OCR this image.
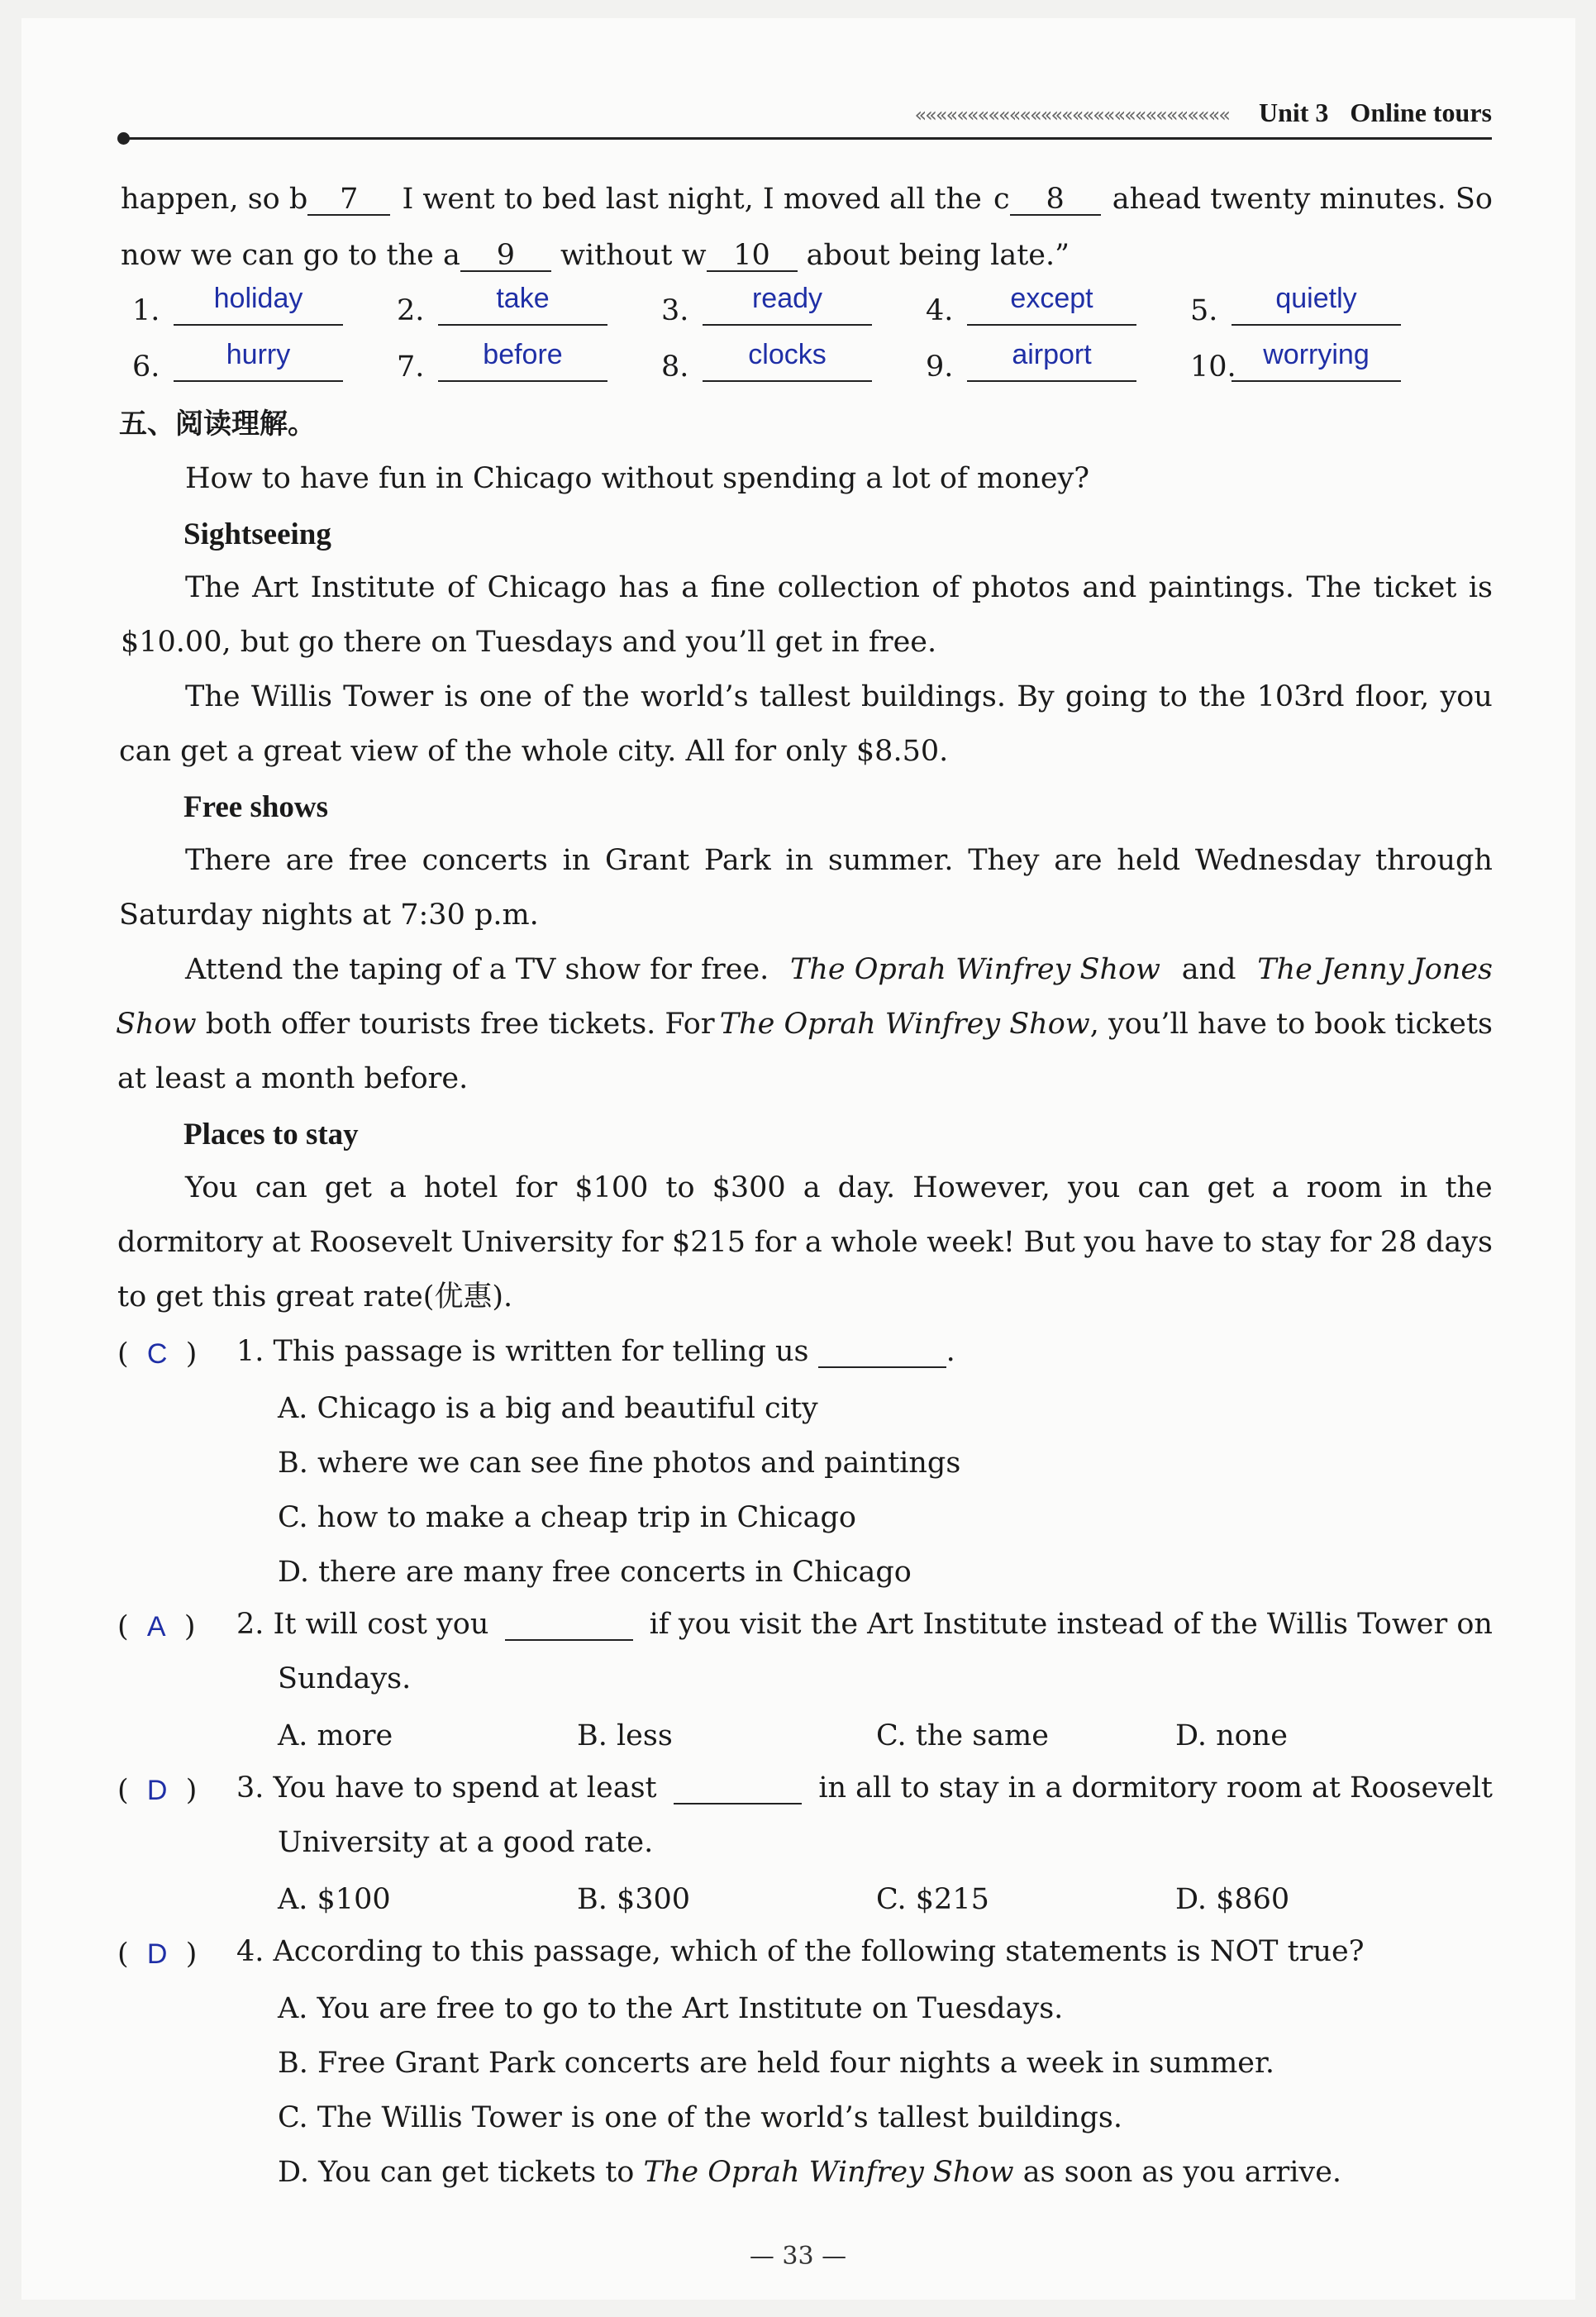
«««««««««««««««««««««««««««««« Unit 3 Online tours
happen, so b 7	I went to bed last night, I moved all the c 8	ahead twenty minutes. So
now we can go to the a 9 without w 10 about being late.”
1.	holiday	2.	take	3.	ready	4.	except	5.	quietly
6.	hurry	7.	before	8.	clocks	9.	airport	10. worrying
五、阅读理解。
How to have fun in Chicago without spending a lot of money?
Sightseeing
The Art Institute of Chicago has a fine collection of photos and paintings. The ticket is
$10.00, but go there on Tuesdays and you’ll get in free.
The Willis Tower is one of the world’s tallest buildings. By going to the 103rd floor, you
can get a great view of the whole city. All for only $8.50.
Free shows
There are free concerts in Grant Park in summer. They are held Wednesday through
Saturday nights at 7:30 p.m.
Attend the taping of a TV show for free. The Oprah Winfrey Show and The Jenny Jones
Show both offer tourists free tickets. For The Oprah Winfrey Show, you’ll have to book tickets
at least a month before.
Places to stay
You can get a hotel for $100 to $300 a day. However, you can get a room in the
dormitory at Roosevelt University for $215 for a whole week! But you have to stay for 28 days
to get this great rate(优惠).
( C ) 1. This passage is written for telling us	.
A. Chicago is a big and beautiful city
B. where we can see fine photos and paintings
C. how to make a cheap trip in Chicago
D. there are many free concerts in Chicago
( A ) 2. It will cost you
	if you visit the Art Institute instead of the Willis Tower on
Sundays.
A. more	B. less	C. the same	D. none
( D ) 3. You have to spend at least
	in all to stay in a dormitory room at Roosevelt
University at a good rate.
A. $100	B. $300	C. $215	D. $860
( D ) 4. According to this passage, which of the following statements is NOT true?
A. You are free to go to the Art Institute on Tuesdays.
B. Free Grant Park concerts are held four nights a week in summer.
C. The Willis Tower is one of the world’s tallest buildings.
D. You can get tickets to The Oprah Winfrey Show as soon as you arrive.
— 33 —
